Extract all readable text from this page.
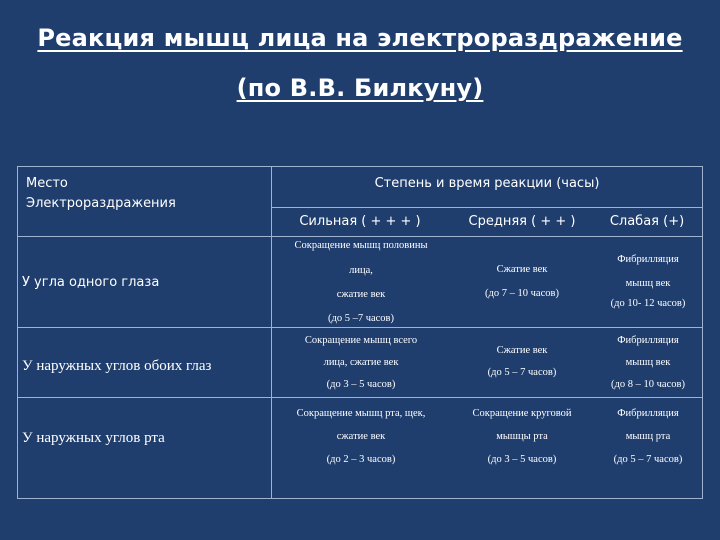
Реакция мышц лица на электрораздражение
(по В.В. Билкуну)
Место
Электрораздражения
Степень и время реакции (часы)
Сильная ( + + + )	Средняя ( + + )	Слабая (+)
У угла одного глаза
Сокращение мышц половины
лица,
сжатие век
(до 5 –7 часов)
Сжатие век
(до 7 – 10 часов)
Фибрилляция
мышц век
(до 10- 12 часов)
У наружных углов обоих глаз
Сокращение мышц всего
лица, сжатие век
(до 3 – 5 часов)
Сжатие век
(до 5 – 7 часов)
Фибрилляция
мышц век
(до 8 – 10 часов)
У наружных углов рта
Сокращение мышц рта, щек,
сжатие век
(до 2 – 3 часов)
Сокращение круговой
мышцы рта
(до 3 – 5 часов)
Фибрилляция
мышц рта
(до 5 – 7 часов)
